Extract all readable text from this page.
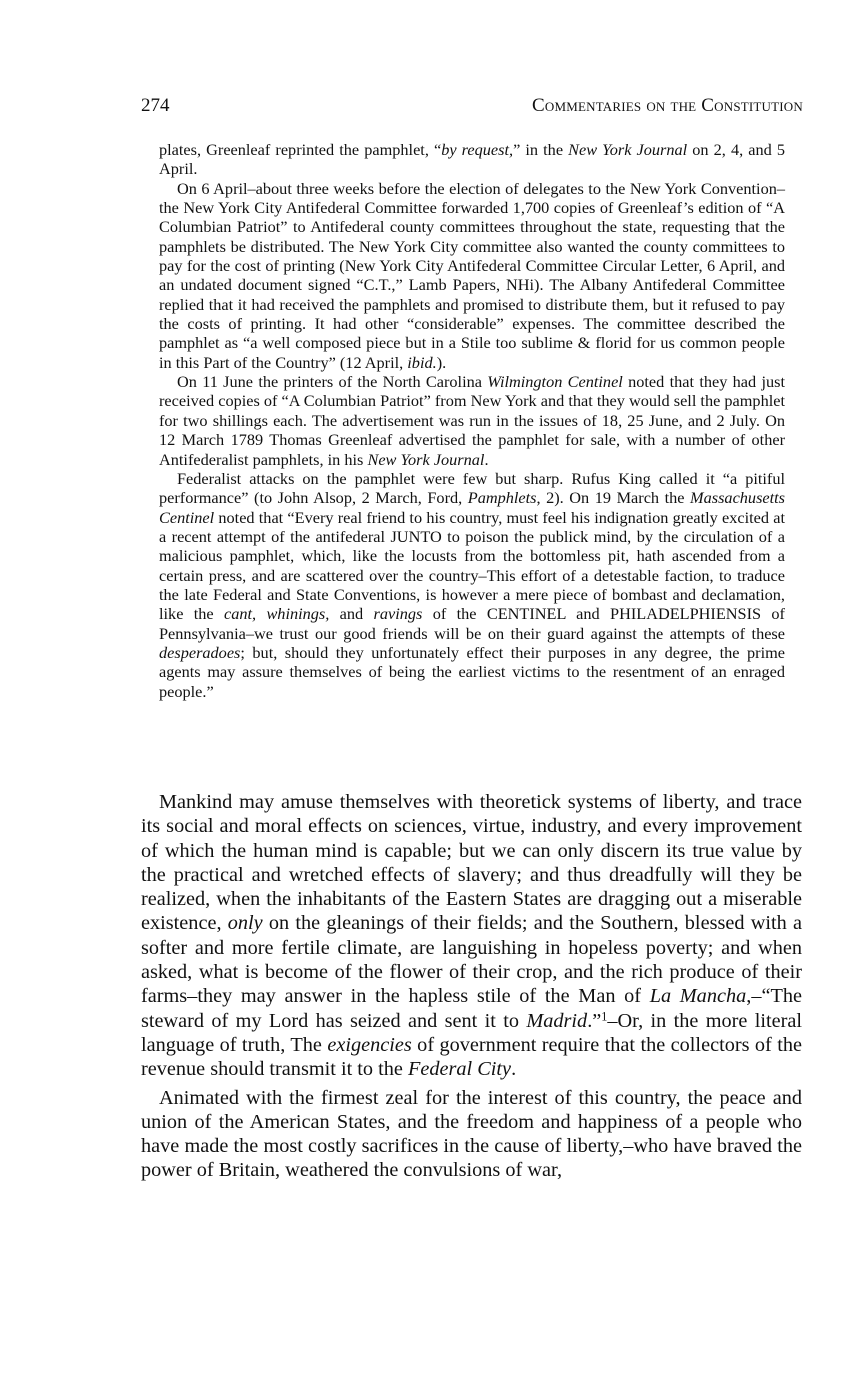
274	Commentaries on the Constitution

plates, Greenleaf reprinted the pamphlet, “by request,” in the New York Journal on 2, 4, and 5 April.

On 6 April–about three weeks before the election of delegates to the New York Convention–the New York City Antifederal Committee forwarded 1,700 copies of Greenleaf’s edition of “A Columbian Patriot” to Antifederal county committees throughout the state, requesting that the pamphlets be distributed. The New York City committee also wanted the county committees to pay for the cost of printing (New York City Antifederal Committee Circular Letter, 6 April, and an undated document signed “C.T.,” Lamb Papers, NHi). The Albany Antifederal Committee replied that it had received the pamphlets and promised to distribute them, but it refused to pay the costs of printing. It had other “considerable” expenses. The committee described the pamphlet as “a well composed piece but in a Stile too sublime & florid for us common people in this Part of the Country” (12 April, ibid.).

On 11 June the printers of the North Carolina Wilmington Centinel noted that they had just received copies of “A Columbian Patriot” from New York and that they would sell the pamphlet for two shillings each. The advertisement was run in the issues of 18, 25 June, and 2 July. On 12 March 1789 Thomas Greenleaf advertised the pamphlet for sale, with a number of other Antifederalist pamphlets, in his New York Journal.

Federalist attacks on the pamphlet were few but sharp. Rufus King called it “a pitiful performance” (to John Alsop, 2 March, Ford, Pamphlets, 2). On 19 March the Massachusetts Centinel noted that “Every real friend to his country, must feel his indignation greatly excited at a recent attempt of the antifederal JUNTO to poison the publick mind, by the circulation of a malicious pamphlet, which, like the locusts from the bottomless pit, hath ascended from a certain press, and are scattered over the country–This effort of a detestable faction, to traduce the late Federal and State Conventions, is however a mere piece of bombast and declamation, like the cant, whinings, and ravings of the CENTINEL and PHILADELPHIENSIS of Pennsylvania–we trust our good friends will be on their guard against the attempts of these desperadoes; but, should they unfortunately effect their purposes in any degree, the prime agents may assure themselves of being the earliest victims to the resentment of an enraged people.”

Mankind may amuse themselves with theoretick systems of liberty, and trace its social and moral effects on sciences, virtue, industry, and every improvement of which the human mind is capable; but we can only discern its true value by the practical and wretched effects of slavery; and thus dreadfully will they be realized, when the inhabitants of the Eastern States are dragging out a miserable existence, only on the gleanings of their fields; and the Southern, blessed with a softer and more fertile climate, are languishing in hopeless poverty; and when asked, what is become of the flower of their crop, and the rich produce of their farms–they may answer in the hapless stile of the Man of La Mancha,–“The steward of my Lord has seized and sent it to Madrid.”$^1$–Or, in the more literal language of truth, The exigencies of government require that the collectors of the revenue should transmit it to the Federal City.

Animated with the firmest zeal for the interest of this country, the peace and union of the American States, and the freedom and happiness of a people who have made the most costly sacrifices in the cause of liberty,–who have braved the power of Britain, weathered the convulsions of war,
